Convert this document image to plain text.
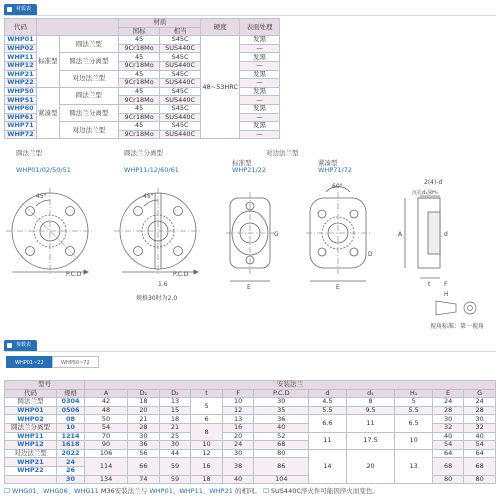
材质表
代码			材质		硬度	表面处理
			国标	相当		
WHP01	标准型	圆法兰型	45	S45C	48~53HRC	发黑
WHP02			9Cr18Mo	SUS440C		—
WHP11		圆法兰分离型	45	S45C		发黑
WHP12			9Cr18Mo	SUS440C		—
WHP21		对边法兰型	45	S45C		发黑
WHP22			9Cr18Mo	SUS440C		—
WHP50	紧凑型	圆法兰型	45	S45C		发黑
WHP51			9Cr18Mo	SUS440C		—
WHP60		圆法兰分离型	45	S45C		发黑
WHP61			9Cr18Mo	SUS440C		—
WHP71		对边法兰型	45	S45C		发黑
WHP72			9Cr18Mo	SUS440C		—
圆法兰型
WHP01/02/50/51
圆法兰分离型
WHP11/12/60/61
标准型
对边法兰型
WHP21/22
紧凑型
WHP71/72
45°
P.C.D
45°
P.C.D
1.6
规格30时为2.0
G
E
60°
D
E
2(4)-d
沉孔d₁深H₁
A	d
t F
H
视角标准：第一视角
参数表
WHP01~22	WHP50~72
型号		安装法兰										
代码	规格	A	D₁	D₂	t	F	P.C.D	d	d₁	H₁	E	G
圆法兰型	0304	42	18	13	5	10	30	4.5	8	5	24	24
WHP01	0506	48	20	15		12	35	5.5	9.5	5.5	28	28
WHP02	08	50	21	18	6	13	36	6.6	11	6.5	30	30
圆法兰分离型	10	54	28	21	8	16	40				32	32
WHP11	1214	70	30	25		20	52	11	17.5	10	40	40
WHP12	1618	90	36	30	10	24	68				54	54
对边法兰型	2022	106	56	44	12	30	80	14	20	13	64	64
WHP21	24	114	66	59	16	38	86				68	68
WHP22	26											
	30	134	74	59	18	40	104				80	80
☐ WHG01、WHG06、WHG11 M36安装法兰与 WHP01、WHP11、WHP21 的相同。 ☐ SUS440C淬火件可能因淬火而变色。
